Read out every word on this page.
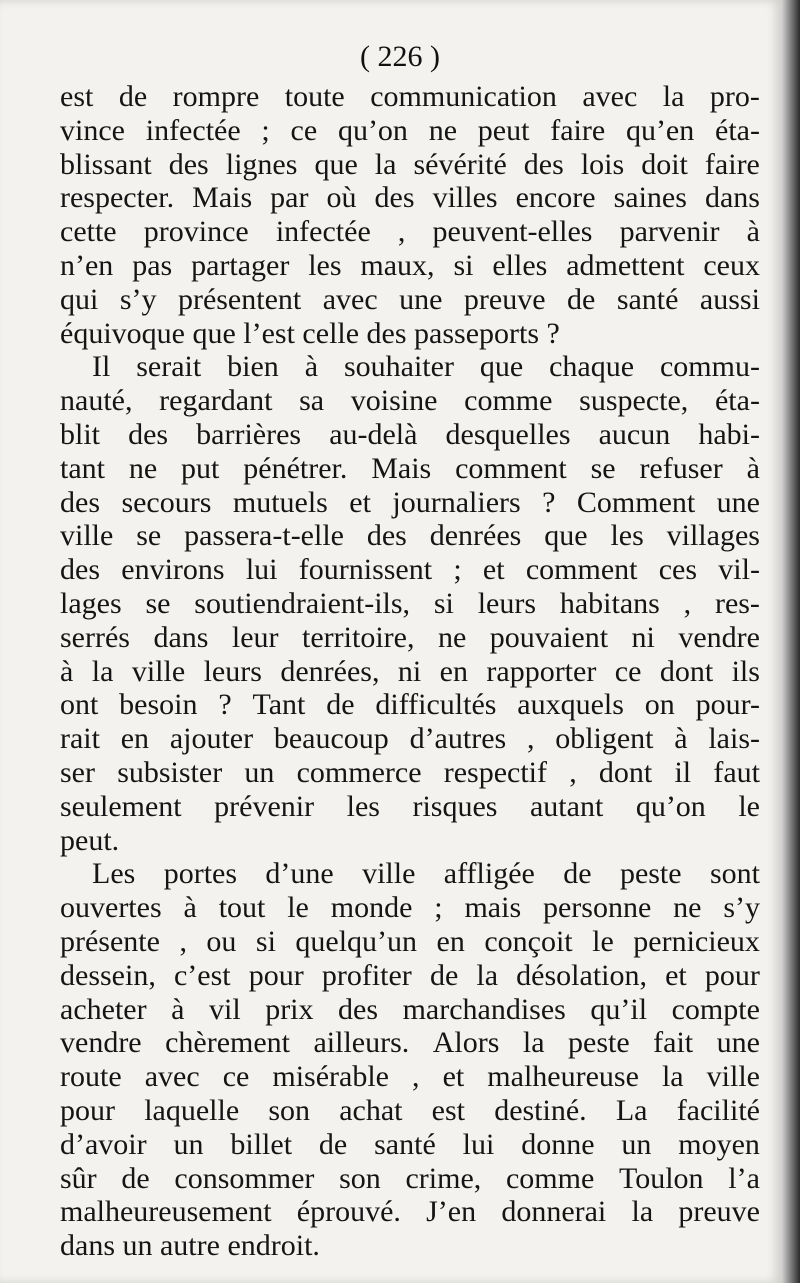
( 226 )
est de rompre toute communication avec la pro-
vince infectée ; ce qu’on ne peut faire qu’en éta-
blissant des lignes que la sévérité des lois doit faire
respecter. Mais par où des villes encore saines dans
cette province infectée , peuvent-elles parvenir à
n’en pas partager les maux, si elles admettent ceux
qui s’y présentent avec une preuve de santé aussi
équivoque que l’est celle des passeports ?
Il serait bien à souhaiter que chaque commu-
nauté, regardant sa voisine comme suspecte, éta-
blit des barrières au-delà desquelles aucun habi-
tant ne put pénétrer. Mais comment se refuser à
des secours mutuels et journaliers ? Comment une
ville se passera-t-elle des denrées que les villages
des environs lui fournissent ; et comment ces vil-
lages se soutiendraient-ils, si leurs habitans , res-
serrés dans leur territoire, ne pouvaient ni vendre
à la ville leurs denrées, ni en rapporter ce dont ils
ont besoin ? Tant de difficultés auxquels on pour-
rait en ajouter beaucoup d’autres , obligent à lais-
ser subsister un commerce respectif , dont il faut
seulement prévenir les risques autant qu’on le
peut.
Les portes d’une ville affligée de peste sont
ouvertes à tout le monde ; mais personne ne s’y
présente , ou si quelqu’un en conçoit le pernicieux
dessein, c’est pour profiter de la désolation, et pour
acheter à vil prix des marchandises qu’il compte
vendre chèrement ailleurs. Alors la peste fait une
route avec ce misérable , et malheureuse la ville
pour laquelle son achat est destiné. La facilité
d’avoir un billet de santé lui donne un moyen
sûr de consommer son crime, comme Toulon l’a
malheureusement éprouvé. J’en donnerai la preuve
dans un autre endroit.
